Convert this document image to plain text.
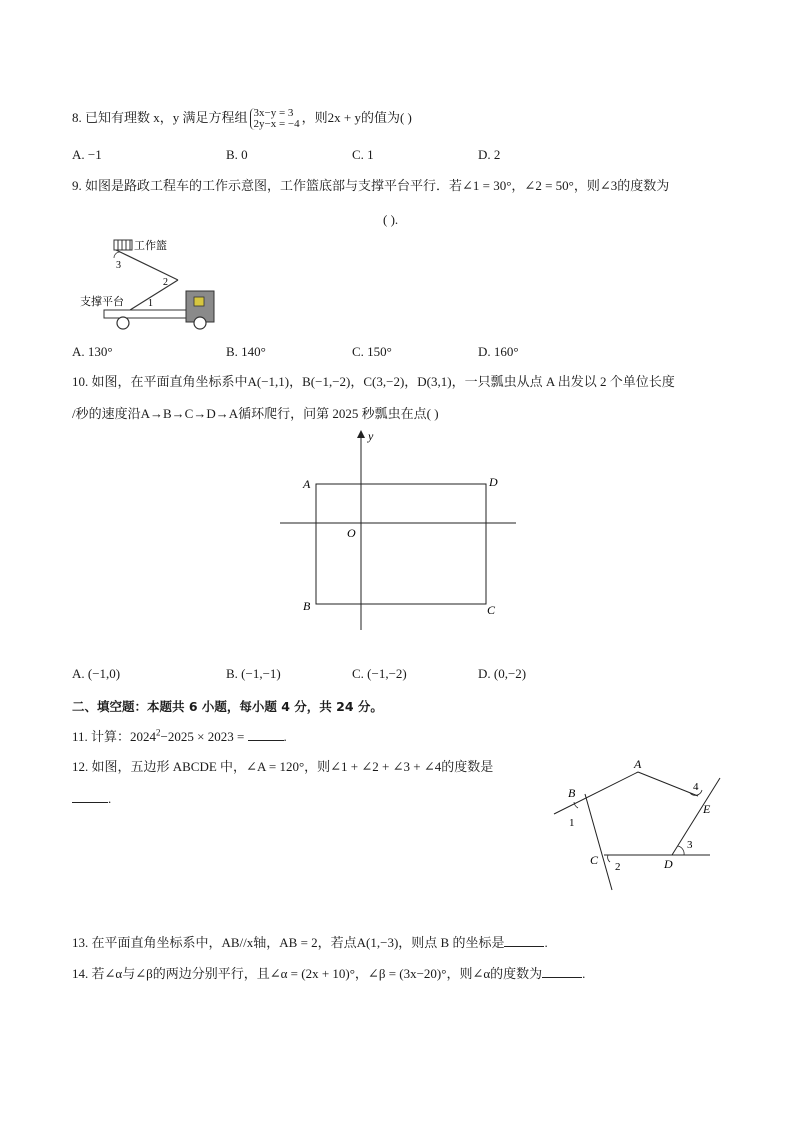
8. 已知有理数 x，y 满足方程组 3x−y = 3
2y−x = −4 ，则2x + y的值为( )
A. −1	B. 0	C. 1	D. 2
9. 如图是路政工程车的工作示意图，工作篮底部与支撑平台平行．若∠1 = 30°，∠2 = 50°，则∠3的度数为
( ).
工作篮
3
2
1
支撑平台
A. 130°	B. 140°	C. 150°	D. 160°
10. 如图，在平面直角坐标系中A(−1,1)，B(−1,−2)，C(3,−2)，D(3,1)，一只瓢虫从点 A 出发以 2 个单位长度
/秒的速度沿A→B→C→D→A循环爬行，问第 2025 秒瓢虫在点( )
y
O
A
B	C
D
A. (−1,0)	B. (−1,−1)	C. (−1,−2)	D. (0,−2)
二、填空题：本题共 6 小题，每小题 4 分，共 24 分。
11. 计算：$2024^2-2025 \times 2023$ =	.
12. 如图，五边形 ABCDE 中，∠A = 120°，则∠1 + ∠2 + ∠3 + ∠4的度数是
.
A
B
C	D
E
1
2
3
4
13. 在平面直角坐标系中，AB//x轴，AB = 2，若点A(1,−3)，则点 B 的坐标是	.
14. 若∠α与∠β的两边分别平行，且∠α = (2x + 10)°，∠β = (3x−20)°，则∠α的度数为	.
